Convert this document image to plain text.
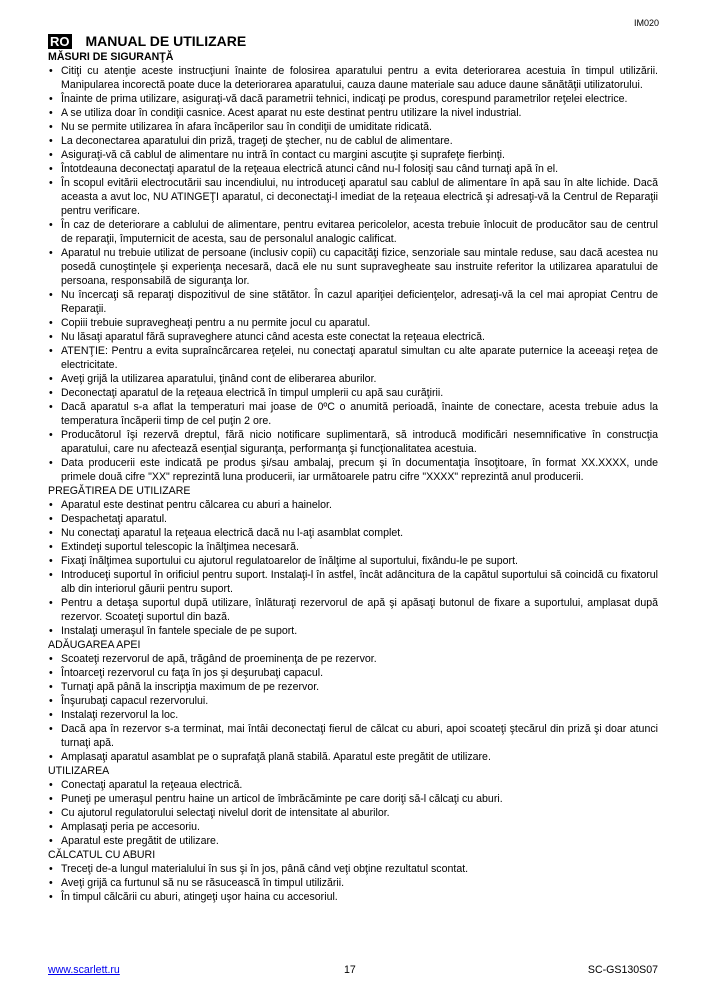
IM020
RO MANUAL DE UTILIZARE
MĂSURI DE SIGURANŢĂ
• Citiţi cu atenţie aceste instrucţiuni înainte de folosirea aparatului pentru a evita deteriorarea acestuia în timpul utilizării. Manipularea incorectă poate duce la deteriorarea aparatului, cauza daune materiale sau aduce daune sănătăţii utilizatorului.
• Înainte de prima utilizare, asiguraţi-vă dacă parametrii tehnici, indicaţi pe produs, corespund parametrilor reţelei electrice.
• A se utiliza doar în condiţii casnice. Acest aparat nu este destinat pentru utilizare la nivel industrial.
• Nu se permite utilizarea în afara încăperilor sau în condiţii de umiditate ridicată.
• La deconectarea aparatului din priză, trageţi de ştecher, nu de cablul de alimentare.
• Asiguraţi-vă că cablul de alimentare nu intră în contact cu margini ascuţite şi suprafeţe fierbinţi.
• Întotdeauna deconectaţi aparatul de la reţeaua electrică atunci când nu-l folosiţi sau când turnaţi apă în el.
• În scopul evitării electrocutării sau incendiului, nu introduceţi aparatul sau cablul de alimentare în apă sau în alte lichide. Dacă aceasta a avut loc, NU ATINGEŢI aparatul, ci deconectaţi-l imediat de la reţeaua electrică şi adresaţi-vă la Centrul de Reparaţii pentru verificare.
• În caz de deteriorare a cablului de alimentare, pentru evitarea pericolelor, acesta trebuie înlocuit de producător sau de centrul de reparaţii, împuternicit de acesta, sau de personalul analogic calificat.
• Aparatul nu trebuie utilizat de persoane (inclusiv copii) cu capacităţi fizice, senzoriale sau mintale reduse, sau dacă acestea nu posedă cunoştinţele şi experienţa necesară, dacă ele nu sunt supravegheate sau instruite referitor la utilizarea aparatului de persoana, responsabilă de siguranţa lor.
• Nu încercaţi să reparaţi dispozitivul de sine stătător. În cazul apariţiei deficienţelor, adresaţi-vă la cel mai apropiat Centru de Reparaţii.
• Copiii trebuie supravegheaţi pentru a nu permite jocul cu aparatul.
• Nu lăsaţi aparatul fără supraveghere atunci când acesta este conectat la reţeaua electrică.
• ATENŢIE: Pentru a evita supraîncărcarea reţelei, nu conectaţi aparatul simultan cu alte aparate puternice la aceeaşi reţea de electricitate.
• Aveţi grijă la utilizarea aparatului, ţinând cont de eliberarea aburilor.
• Deconectaţi aparatul de la reţeaua electrică în timpul umplerii cu apă sau curăţirii.
• Dacă aparatul s-a aflat la temperaturi mai joase de 0ºC o anumită perioadă, înainte de conectare, acesta trebuie adus la temperatura încăperii timp de cel puţin 2 ore.
• Producătorul îşi rezervă dreptul, fără nicio notificare suplimentară, să introducă modificări nesemnificative în construcţia aparatului, care nu afectează esenţial siguranţa, performanţa şi funcţionalitatea acestuia.
• Data producerii este indicată pe produs şi/sau ambalaj, precum şi în documentaţia însoţitoare, în format XX.XXXX, unde primele două cifre "XX" reprezintă luna producerii, iar următoarele patru cifre "XXXX" reprezintă anul producerii.
PREGĂTIREA DE UTILIZARE
• Aparatul este destinat pentru călcarea cu aburi a hainelor.
• Despachetaţi aparatul.
• Nu conectaţi aparatul la reţeaua electrică dacă nu l-aţi asamblat complet.
• Extindeţi suportul telescopic la înălţimea necesară.
• Fixaţi înălţimea suportului cu ajutorul regulatoarelor de înălţime al suportului, fixându-le pe suport.
• Introduceţi suportul în orificiul pentru suport. Instalaţi-l în astfel, încât adâncitura de la capătul suportului să coincidă cu fixatorul alb din interiorul găurii pentru suport.
• Pentru a detaşa suportul după utilizare, înlăturaţi rezervorul de apă şi apăsaţi butonul de fixare a suportului, amplasat după rezervor. Scoateţi suportul din bază.
• Instalaţi umeraşul în fantele speciale de pe suport.
ADĂUGAREA APEI
• Scoateţi rezervorul de apă, trăgând de proeminenţa de pe rezervor.
• Întoarceţi rezervorul cu faţa în jos şi deşurubaţi capacul.
• Turnaţi apă până la inscripţia maximum de pe rezervor.
• Înşurubaţi capacul rezervorului.
• Instalaţi rezervorul la loc.
• Dacă apa în rezervor s-a terminat, mai întâi deconectaţi fierul de călcat cu aburi, apoi scoateţi ştecărul din priză şi doar atunci turnaţi apă.
• Amplasaţi aparatul asamblat pe o suprafaţă plană stabilă. Aparatul este pregătit de utilizare.
UTILIZAREA
• Conectaţi aparatul la reţeaua electrică.
• Puneţi pe umeraşul pentru haine un articol de îmbrăcăminte pe care doriţi să-l călcaţi cu aburi.
• Cu ajutorul regulatorului selectaţi nivelul dorit de intensitate al aburilor.
• Amplasaţi peria pe accesoriu.
• Aparatul este pregătit de utilizare.
CĂLCATUL CU ABURI
• Treceţi de-a lungul materialului în sus şi în jos, până când veţi obţine rezultatul scontat.
• Aveţi grijă ca furtunul să nu se răsucească în timpul utilizării.
• În timpul călcării cu aburi, atingeţi uşor haina cu accesoriul.
www.scarlett.ru	17	SC-GS130S07
